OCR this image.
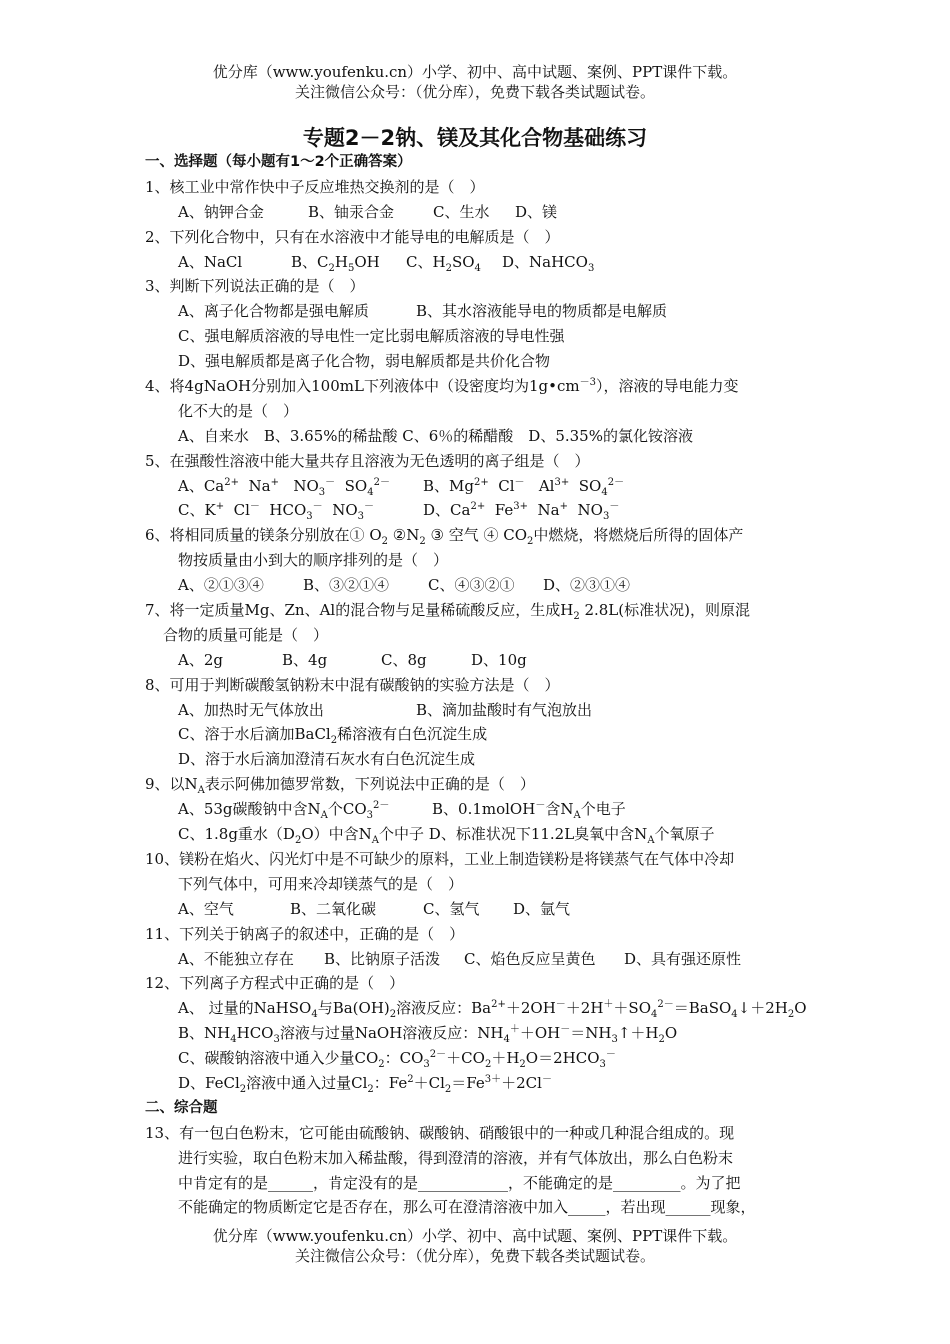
优分库（www.youfenku.cn）小学、初中、高中试题、案例、PPT课件下载。
关注微信公众号：（优分库），免费下载各类试题试卷。
专题2－2钠、镁及其化合物基础练习
一、选择题（每小题有1～2个正确答案）
1、核工业中常作快中子反应堆热交换剂的是（　）
A、钠钾合金	B、铀汞合金	C、生水 D、镁
2、下列化合物中，只有在水溶液中才能导电的电解质是（　）
A、NaCl	B、$C_2H_5OH$ C、$H_2SO_4$ D、NaHCO$_3$
3、判断下列说法正确的是（　）
A、离子化合物都是强电解质	B、其水溶液能导电的物质都是电解质
C、强电解质溶液的导电性一定比弱电解质溶液的导电性强
D、强电解质都是离子化合物，弱电解质都是共价化合物
4、将4gNaOH分别加入100mL下列液体中（设密度均为$1g•cm^{-3}$），溶液的导电能力变
化不大的是（　）
A、自来水　B、3.65%的稀盐酸 C、6％的稀醋酸　D、5.35%的氯化铵溶液
5、在强酸性溶液中能大量共存且溶液为无色透明的离子组是（　）
A、$Ca^{2+}$  Na+   $NO_3^-$  $SO_4^{2-}$ B、$Mg^{2+}$  Cl－   $Al^{3+}$  $SO_4^{2-}$
C、K+  Cl－  $HCO_3^-$  $NO_3^-$	D、$Ca^{2+}$  $Fe^{3+}$  Na+  $NO_3^-$
6、将相同质量的镁条分别放在① $O_2$ $②N_2$ ③ 空气 ④ $CO_2$中燃烧，将燃烧后所得的固体产
物按质量由小到大的顺序排列的是（　）
A、②①③④	B、③②①④	C、④③②① D、②③①④
7、将一定质量Mg、Zn、Al的混合物与足量稀硫酸反应，生成$H_2$ 2.8L(标准状况)，则原混
合物的质量可能是（　）
A、2g	B、4g	C、8g	D、10g
8、可用于判断碳酸氢钠粉末中混有碳酸钠的实验方法是（　）
A、加热时无气体放出	B、滴加盐酸时有气泡放出
C、溶于水后滴加BaCl$_2$稀溶液有白色沉淀生成
D、溶于水后滴加澄清石灰水有白色沉淀生成
9、以$N_A$表示阿佛加德罗常数，下列说法中正确的是（　）
A、53g碳酸钠中含$N_A$个$CO_3^{2-}$	B、0.1molOH－含$N_A$个电子
C、1.8g重水$(D_2O)$中含$N_A$个中子 D、标准状况下11.2L臭氧中含$N_A$个氧原子
10、镁粉在焰火、闪光灯中是不可缺少的原料，工业上制造镁粉是将镁蒸气在气体中冷却
下列气体中，可用来冷却镁蒸气的是（　）
A、空气	B、二氧化碳	C、氢气 D、氩气
11、下列关于钠离子的叙述中，正确的是（　）
A、不能独立存在 B、比钠原子活泼 C、焰色反应呈黄色 D、具有强还原性
12、下列离子方程式中正确的是（　）
A、 过量的NaHSO$_4$与$Ba(OH)_2$溶液反应：$Ba^{2+}+2OH^-+2H^++SO_4^{2-}=BaSO_4↓+2H_2O$
B、$NH_4HCO_3$溶液与过量NaOH溶液反应：$NH_4^++OH^-=NH_3↑+H_2O$
C、碳酸钠溶液中通入少量$CO_2$：$CO_3^{2-}+CO_2+H_2O=2HCO_3^-$
D、FeCl$_2$溶液中通入过量$Cl_2$：$Fe^2+Cl_2=Fe^{3+}+2Cl^-$
二、综合题
13、有一包白色粉末，它可能由硫酸钠、碳酸钠、硝酸银中的一种或几种混合组成的。现
进行实验，取白色粉末加入稀盐酸，得到澄清的溶液，并有气体放出，那么白色粉末
中肯定有的是______，肯定没有的是____________，不能确定的是_________。为了把
不能确定的物质断定它是否存在，那么可在澄清溶液中加入_____，若出现______现象，
优分库（www.youfenku.cn）小学、初中、高中试题、案例、PPT课件下载。
关注微信公众号：（优分库），免费下载各类试题试卷。
